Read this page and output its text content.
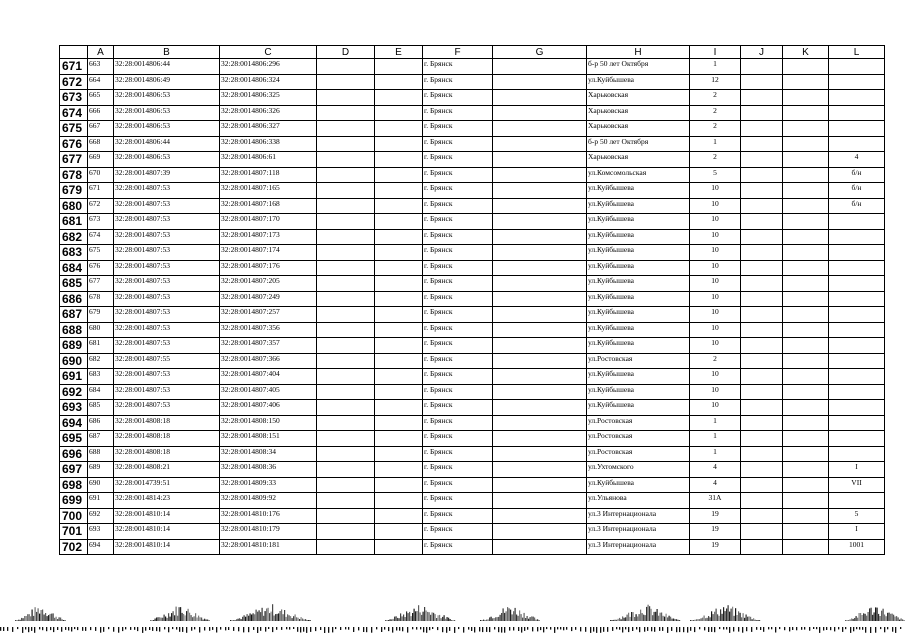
	A	B	C	D	E	F	G	H	I	J	K	L
671	663	32:28:0014806:44	32:28:0014806:296			г. Брянск		б-р 50 лет Октября	1			
672	664	32:28:0014806:49	32:28:0014806:324			г. Брянск		ул.Куйбышева	12			
673	665	32:28:0014806:53	32:28:0014806:325			г. Брянск		Харьковская	2			
674	666	32:28:0014806:53	32:28:0014806:326			г. Брянск		Харьковская	2			
675	667	32:28:0014806:53	32:28:0014806:327			г. Брянск		Харьковская	2			
676	668	32:28:0014806:44	32:28:0014806:338			г. Брянск		б-р 50 лет Октября	1			
677	669	32:28:0014806:53	32:28:0014806:61			г. Брянск		Харьковская	2			4
678	670	32:28:0014807:39	32:28:0014807:118			г. Брянск		ул.Комсомольская	5			б/н
679	671	32:28:0014807:53	32:28:0014807:165			г. Брянск		ул.Куйбышева	10			б/н
680	672	32:28:0014807:53	32:28:0014807:168			г. Брянск		ул.Куйбышева	10			б/н
681	673	32:28:0014807:53	32:28:0014807:170			г. Брянск		ул.Куйбышева	10			
682	674	32:28:0014807:53	32:28:0014807:173			г. Брянск		ул.Куйбышева	10			
683	675	32:28:0014807:53	32:28:0014807:174			г. Брянск		ул.Куйбышева	10			
684	676	32:28:0014807:53	32:28:0014807:176			г. Брянск		ул.Куйбышева	10			
685	677	32:28:0014807:53	32:28:0014807:205			г. Брянск		ул.Куйбышева	10			
686	678	32:28:0014807:53	32:28:0014807:249			г. Брянск		ул.Куйбышева	10			
687	679	32:28:0014807:53	32:28:0014807:257			г. Брянск		ул.Куйбышева	10			
688	680	32:28:0014807:53	32:28:0014807:356			г. Брянск		ул.Куйбышева	10			
689	681	32:28:0014807:53	32:28:0014807:357			г. Брянск		ул.Куйбышева	10			
690	682	32:28:0014807:55	32:28:0014807:366			г. Брянск		ул.Ростовская	2			
691	683	32:28:0014807:53	32:28:0014807:404			г. Брянск		ул.Куйбышева	10			
692	684	32:28:0014807:53	32:28:0014807:405			г. Брянск		ул.Куйбышева	10			
693	685	32:28:0014807:53	32:28:0014807:406			г. Брянск		ул.Куйбышева	10			
694	686	32:28:0014808:18	32:28:0014808:150			г. Брянск		ул.Ростовская	1			
695	687	32:28:0014808:18	32:28:0014808:151			г. Брянск		ул.Ростовская	1			
696	688	32:28:0014808:18	32:28:0014808:34			г. Брянск		ул.Ростовская	1			
697	689	32:28:0014808:21	32:28:0014808:36			г. Брянск		ул.Ухтомского	4			I
698	690	32:28:0014739:51	32:28:0014809:33			г. Брянск		ул.Куйбышева	4			VII
699	691	32:28:0014814:23	32:28:0014809:92			г. Брянск		ул.Ульянова	31А			
700	692	32:28:0014810:14	32:28:0014810:176			г. Брянск		ул.3 Интернационала	19			5
701	693	32:28:0014810:14	32:28:0014810:179			г. Брянск		ул.3 Интернационала	19			I
702	694	32:28:0014810:14	32:28:0014810:181			г. Брянск		ул.3 Интернационала	19			1001
